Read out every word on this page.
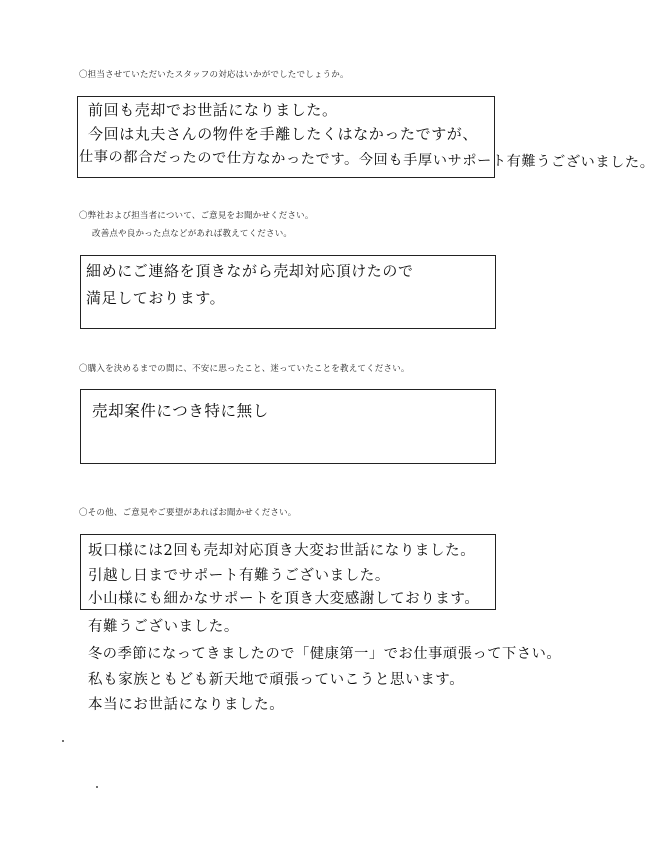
〇担当させていただいたスタッフの対応はいかがでしたでしょうか。
前回も売却でお世話になりました。
今回は丸夫さんの物件を手離したくはなかったですが、
仕事の都合だったので仕方なかったです。今回も手厚いサポート有難うございました。
〇弊社および担当者について、ご意見をお聞かせください。
改善点や良かった点などがあれば教えてください。
細めにご連絡を頂きながら売却対応頂けたので
満足しております。
〇購入を決めるまでの間に、不安に思ったこと、迷っていたことを教えてください。
売却案件につき特に無し
〇その他、ご意見やご要望があればお聞かせください。
坂口様には2回も売却対応頂き大変お世話になりました。
引越し日までサポート有難うございました。
小山様にも細かなサポートを頂き大変感謝しております。
有難うございました。
冬の季節になってきましたので「健康第一」でお仕事頑張って下さい。
私も家族ともども新天地で頑張っていこうと思います。
本当にお世話になりました。
